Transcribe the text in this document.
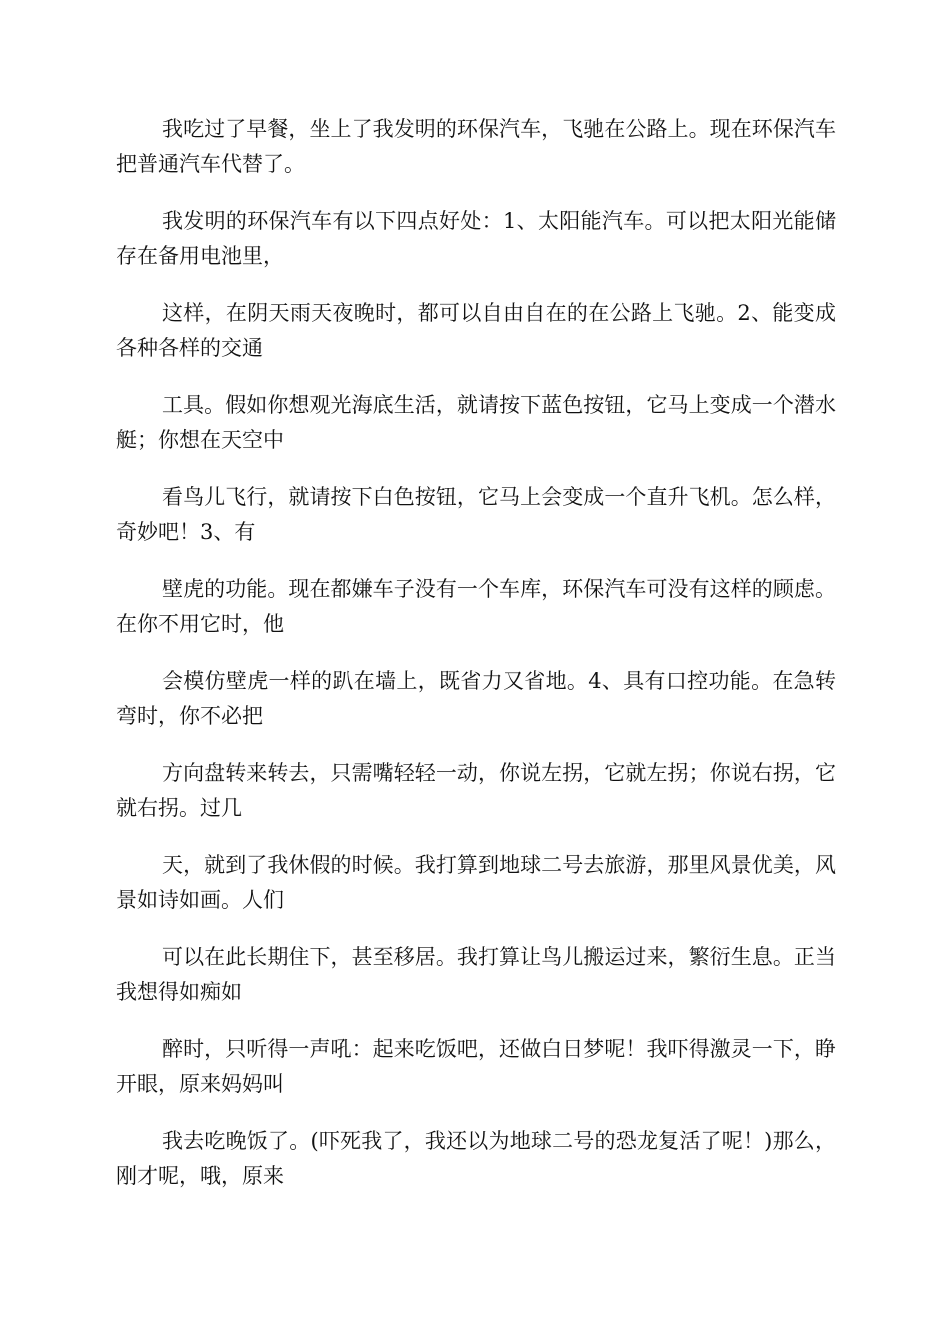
我吃过了早餐，坐上了我发明的环保汽车，飞驰在公路上。现在环保汽车把普通汽车代替了。

我发明的环保汽车有以下四点好处：1、太阳能汽车。可以把太阳光能储存在备用电池里，

这样，在阴天雨天夜晚时，都可以自由自在的在公路上飞驰。2、能变成各种各样的交通

工具。假如你想观光海底生活，就请按下蓝色按钮，它马上变成一个潜水艇；你想在天空中

看鸟儿飞行，就请按下白色按钮，它马上会变成一个直升飞机。怎么样，奇妙吧！3、有

壁虎的功能。现在都嫌车子没有一个车库，环保汽车可没有这样的顾虑。在你不用它时，他

会模仿壁虎一样的趴在墙上，既省力又省地。4、具有口控功能。在急转弯时，你不必把

方向盘转来转去，只需嘴轻轻一动，你说左拐，它就左拐；你说右拐，它就右拐。过几

天，就到了我休假的时候。我打算到地球二号去旅游，那里风景优美，风景如诗如画。人们

可以在此长期住下，甚至移居。我打算让鸟儿搬运过来，繁衍生息。正当我想得如痴如

醉时，只听得一声吼：起来吃饭吧，还做白日梦呢！我吓得激灵一下，睁开眼，原来妈妈叫

我去吃晚饭了。(吓死我了，我还以为地球二号的恐龙复活了呢！)那么，刚才呢，哦，原来
